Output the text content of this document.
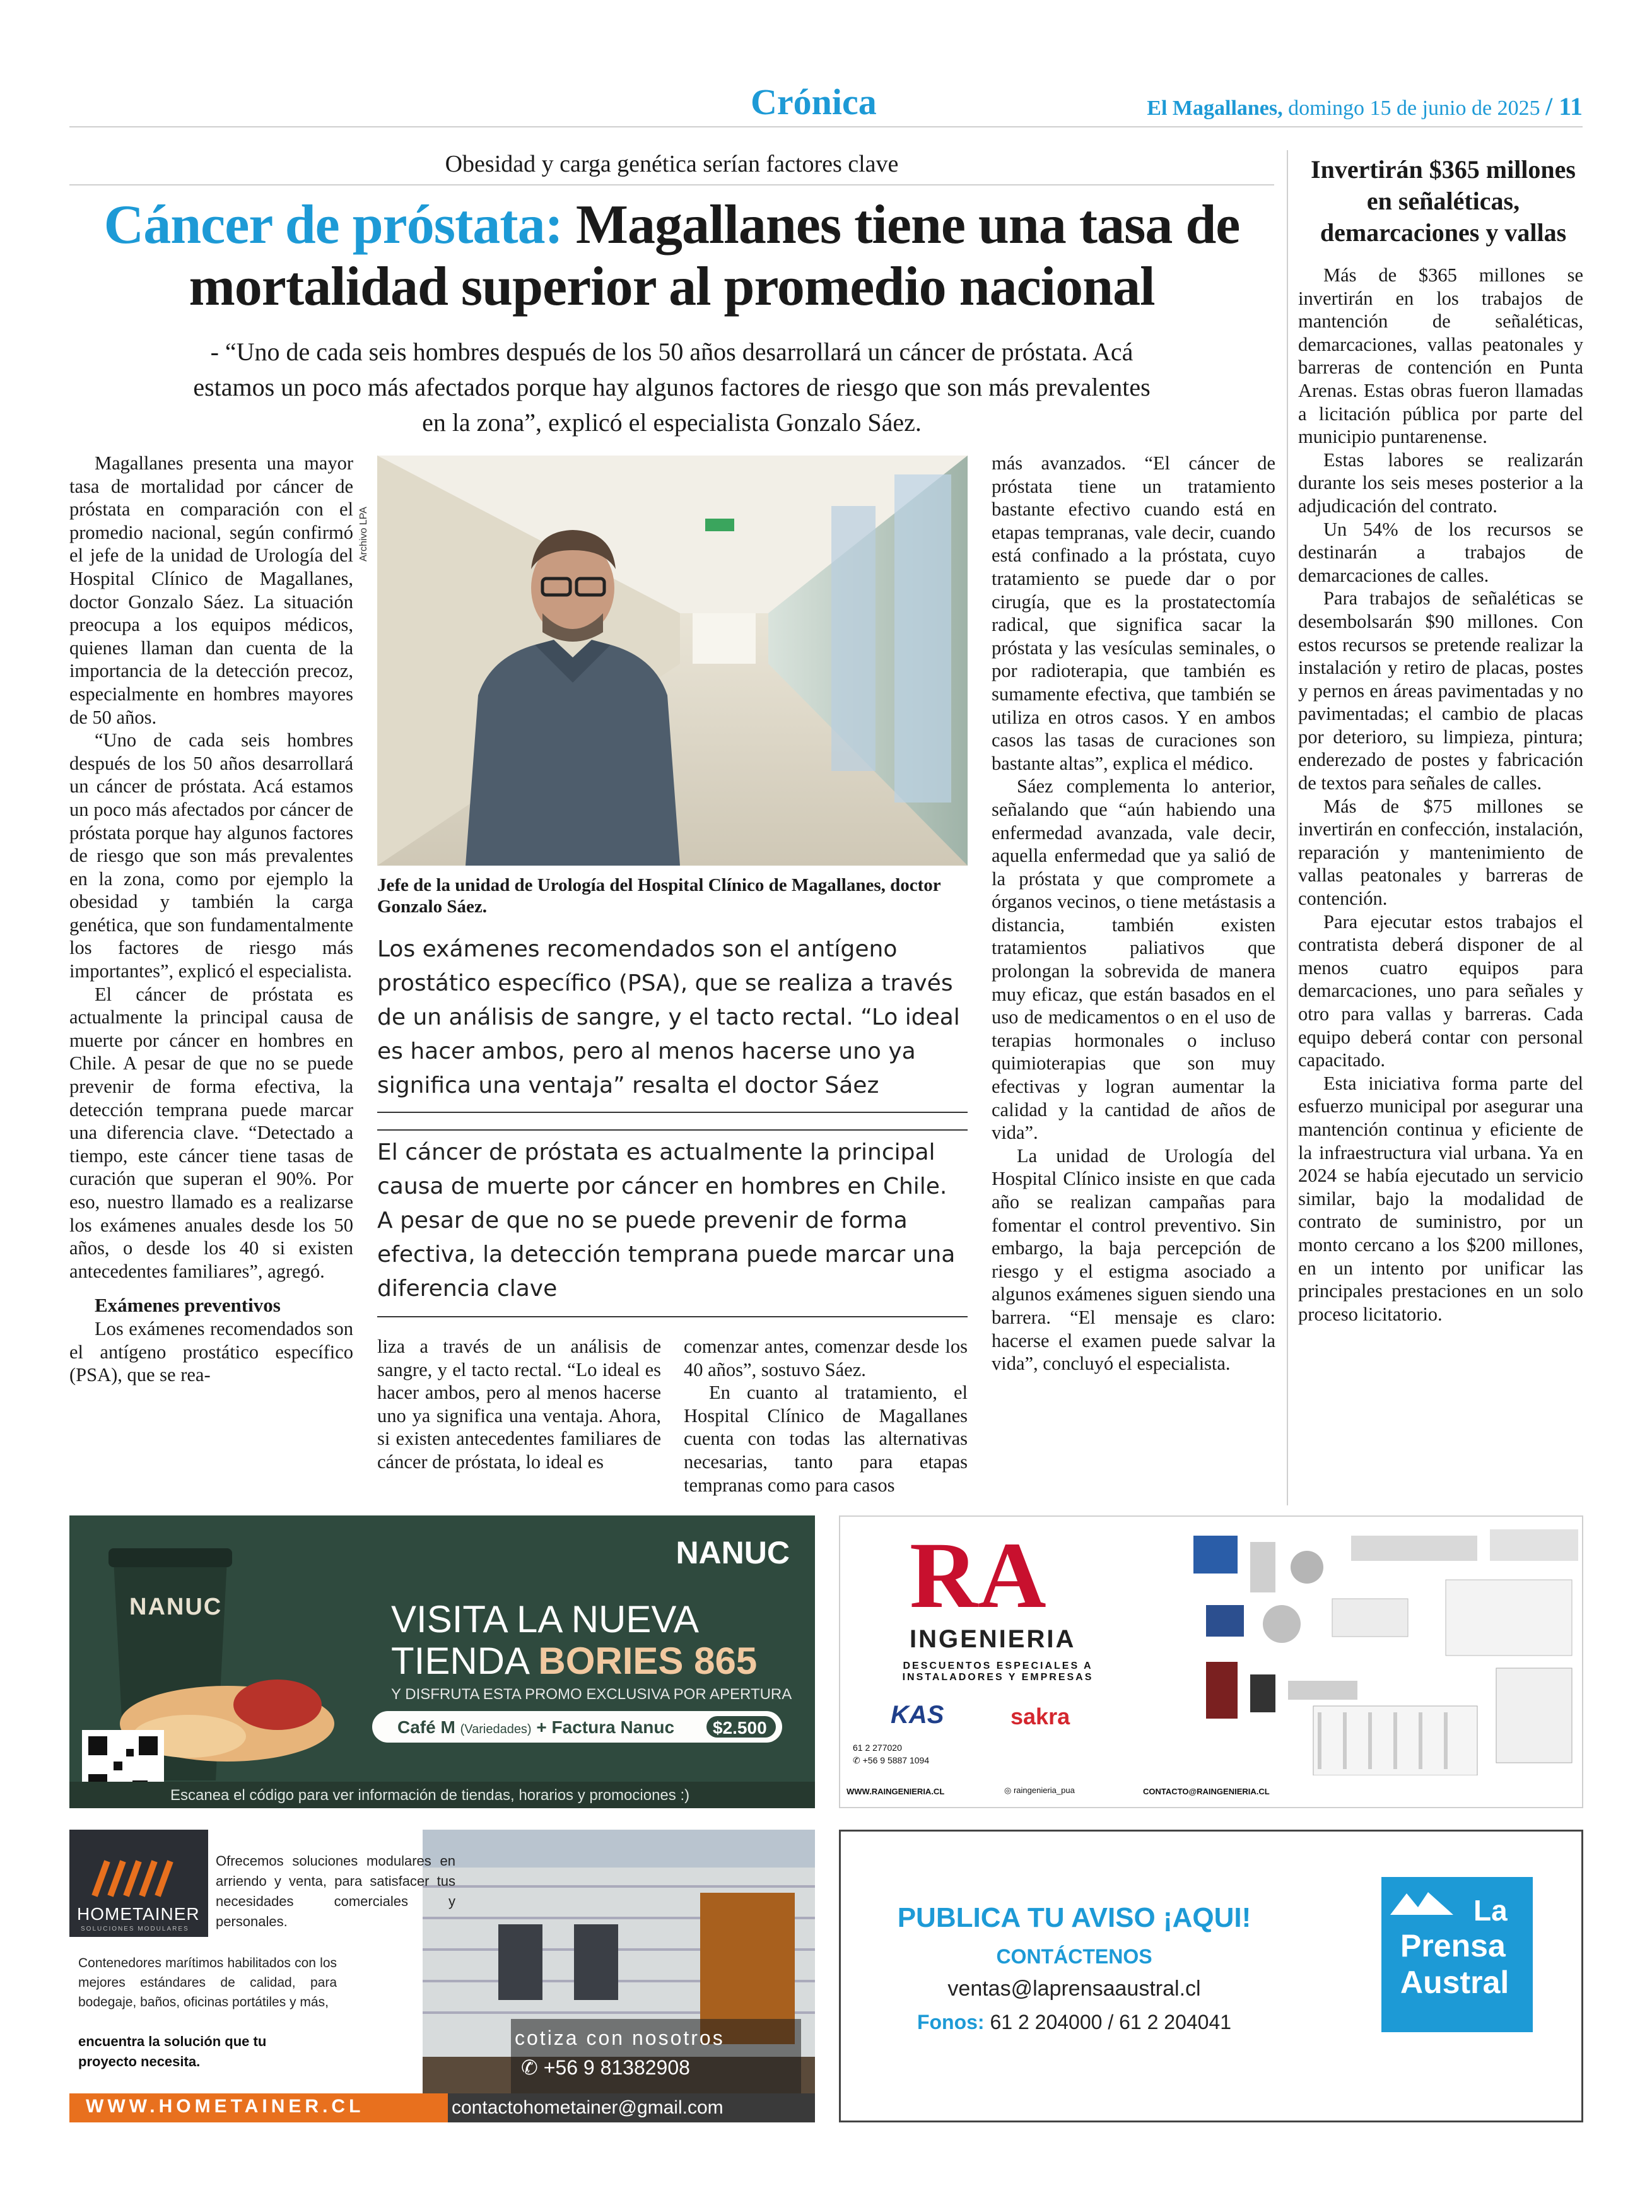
Crónica	El Magallanes, domingo 15 de junio de 2025 / 11
Obesidad y carga genética serían factores clave
Cáncer de próstata: Magallanes tiene una tasa de mortalidad superior al promedio nacional
- “Uno de cada seis hombres después de los 50 años desarrollará un cáncer de próstata. Acá estamos un poco más afectados porque hay algunos factores de riesgo que son más prevalentes en la zona”, explicó el especialista Gonzalo Sáez.

Magallanes presenta una mayor tasa de mortalidad por cáncer de próstata en comparación con el promedio nacional, según confirmó el jefe de la unidad de Urología del Hospital Clínico de Magallanes, doctor Gonzalo Sáez. La situación preocupa a los equipos médicos, quienes llaman dan cuenta de la importancia de la detección precoz, especialmente en hombres mayores de 50 años.

“Uno de cada seis hombres después de los 50 años desarrollará un cáncer de próstata. Acá estamos un poco más afectados por cáncer de próstata porque hay algunos factores de riesgo que son más prevalentes en la zona, como por ejemplo la obesidad y también la carga genética, que son fundamentalmente los factores de riesgo más importantes”, explicó el especialista.

El cáncer de próstata es actualmente la principal causa de muerte por cáncer en hombres en Chile. A pesar de que no se puede prevenir de forma efectiva, la detección temprana puede marcar una diferencia clave. “Detectado a tiempo, este cáncer tiene tasas de curación que superan el 90%. Por eso, nuestro llamado es a realizarse los exámenes anuales desde los 50 años, o desde los 40 si existen antecedentes familiares”, agregó.

Exámenes preventivos

Los exámenes recomendados son el antígeno prostático específico (PSA), que se rea-

Archivo LPA
Jefe de la unidad de Urología del Hospital Clínico de Magallanes, doctor Gonzalo Sáez.
Los exámenes recomendados son el antígeno prostático específico (PSA), que se realiza a través de un análisis de sangre, y el tacto rectal. “Lo ideal es hacer ambos, pero al menos hacerse uno ya significa una ventaja” resalta el doctor Sáez
El cáncer de próstata es actualmente la principal causa de muerte por cáncer en hombres en Chile. A pesar de que no se puede prevenir de forma efectiva, la detección temprana puede marcar una diferencia clave

liza a través de un análisis de sangre, y el tacto rectal. “Lo ideal es hacer ambos, pero al menos hacerse uno ya significa una ventaja. Ahora, si existen antecedentes familiares de cáncer de próstata, lo ideal es

comenzar antes, comenzar desde los 40 años”, sostuvo Sáez.

En cuanto al tratamiento, el Hospital Clínico de Magallanes cuenta con todas las alternativas necesarias, tanto para etapas tempranas como para casos

más avanzados. “El cáncer de próstata tiene un tratamiento bastante efectivo cuando está en etapas tempranas, vale decir, cuando está confinado a la próstata, cuyo tratamiento se puede dar o por cirugía, que es la prostatectomía radical, que significa sacar la próstata y las vesículas seminales, o por radioterapia, que también es sumamente efectiva, que también se utiliza en otros casos. Y en ambos casos las tasas de curaciones son bastante altas”, explica el médico.

Sáez complementa lo anterior, señalando que “aún habiendo una enfermedad avanzada, vale decir, aquella enfermedad que ya salió de la próstata y que compromete a órganos vecinos, o tiene metástasis a distancia, también existen tratamientos paliativos que prolongan la sobrevida de manera muy eficaz, que están basados en el uso de medicamentos o en el uso de terapias hormonales o incluso quimioterapias que son muy efectivas y logran aumentar la calidad y la cantidad de años de vida”.

La unidad de Urología del Hospital Clínico insiste en que cada año se realizan campañas para fomentar el control preventivo. Sin embargo, la baja percepción de riesgo y el estigma asociado a algunos exámenes siguen siendo una barrera. “El mensaje es claro: hacerse el examen puede salvar la vida”, concluyó el especialista.

Invertirán $365 millones en señaléticas, demarcaciones y vallas

Más de $365 millones se invertirán en los trabajos de mantención de señaléticas, demarcaciones, vallas peatonales y barreras de contención en Punta Arenas. Estas obras fueron llamadas a licitación pública por parte del municipio puntarenense.

Estas labores se realizarán durante los seis meses posterior a la adjudicación del contrato.

Un 54% de los recursos se destinarán a trabajos de demarcaciones de calles.

Para trabajos de señaléticas se desembolsarán $90 millones. Con estos recursos se pretende realizar la instalación y retiro de placas, postes y pernos en áreas pavimentadas y no pavimentadas; el cambio de placas por deterioro, su limpieza, pintura; enderezado de postes y fabricación de textos para señales de calles.

Más de $75 millones se invertirán en confección, instalación, reparación y mantenimiento de vallas peatonales y barreras de contención.

Para ejecutar estos trabajos el contratista deberá disponer de al menos cuatro equipos para demarcaciones, uno para señales y otro para vallas y barreras. Cada equipo deberá contar con personal capacitado.

Esta iniciativa forma parte del esfuerzo municipal por asegurar una mantención continua y eficiente de la infraestructura vial urbana. Ya en 2024 se había ejecutado un servicio similar, bajo la modalidad de contrato de suministro, por un monto cercano a los $200 millones, en un intento por unificar las principales prestaciones en un solo proceso licitatorio.

NANUC
NANUC
VISITA LA NUEVA
TIENDA BORIES 865
Y DISFRUTA ESTA PROMO EXCLUSIVA POR APERTURA
Café M (Variedades) + Factura Nanuc $2.500
Escanea el código para ver información de tiendas, horarios y promociones :)
RA
INGENIERIA
DESCUENTOS ESPECIALES A INSTALADORES Y EMPRESAS
KAS	sakra
61 2 277020
✆ +56 9 5887 1094
WWW.RAINGENIERIA.CL	◎ raingenieria_pua	CONTACTO@RAINGENIERIA.CL
HOMETAINER
SOLUCIONES MODULARES
Ofrecemos soluciones modulares en arriendo y venta, para satisfacer tus necesidades comerciales y personales.
Contenedores marítimos habilitados con los mejores estándares de calidad, para bodegaje, baños, oficinas portátiles y más,
encuentra la solución que tu proyecto necesita.
cotiza con nosotros
✆ +56 9 81382908
WWW.HOMETAINER.CL	contactohometainer@gmail.com
PUBLICA TU AVISO ¡AQUI!
CONTÁCTENOS
ventas@laprensaaustral.cl
Fonos: 61 2 204000 / 61 2 204041
La
Prensa
Austral
